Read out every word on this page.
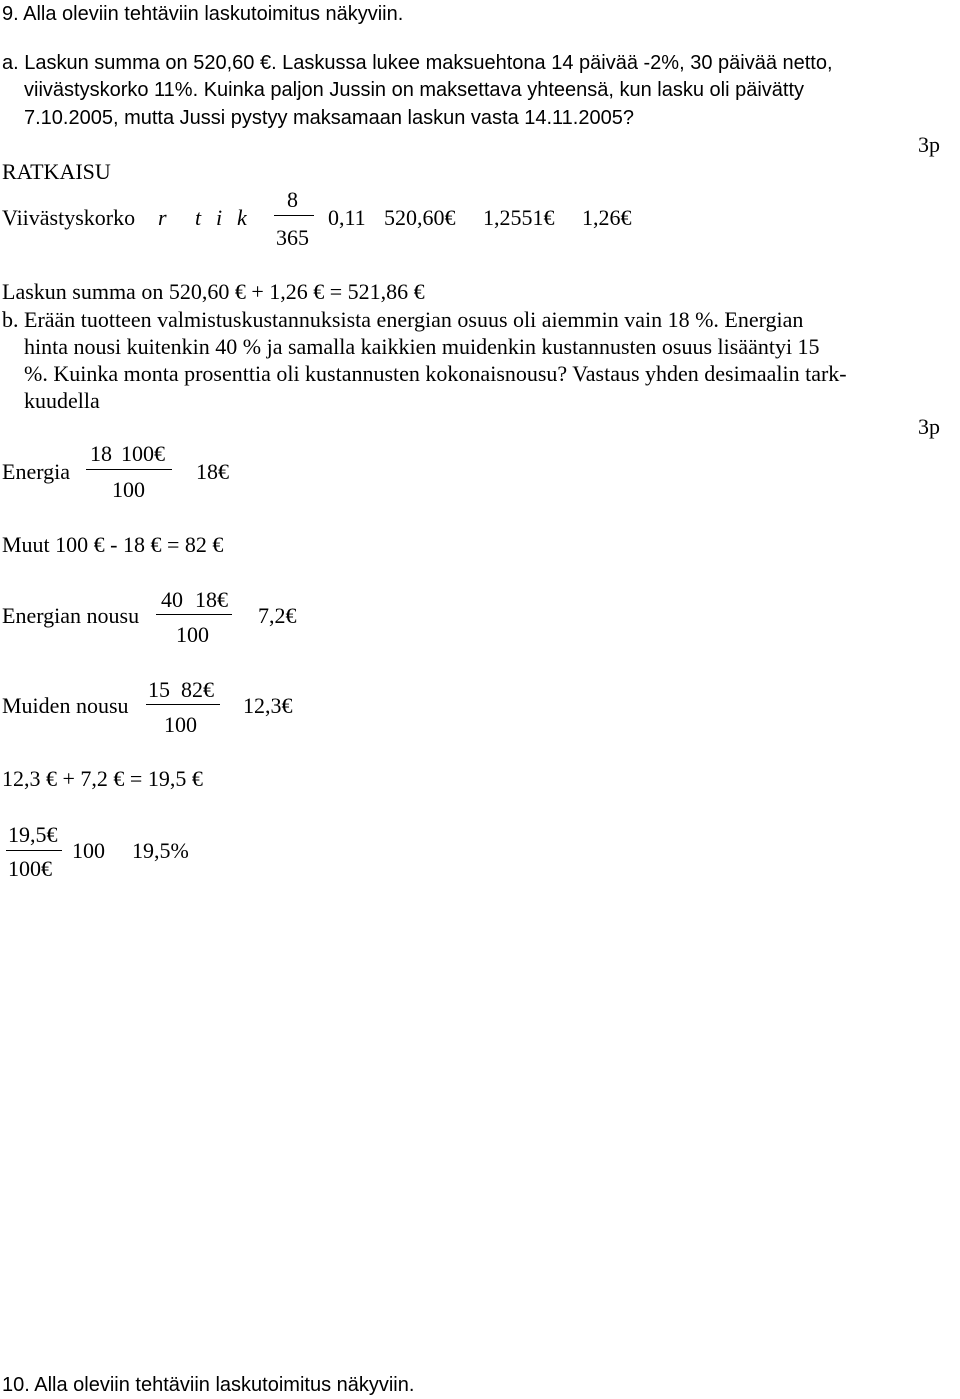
9. Alla oleviin tehtäviin laskutoimitus näkyviin.
a. Laskun summa on 520,60 €. Laskussa lukee maksuehtona 14 päivää -2%, 30 päivää netto,
viivästyskorko 11%. Kuinka paljon Jussin on maksettava yhteensä, kun lasku oli päivätty
7.10.2005, mutta Jussi pystyy maksamaan laskun vasta 14.11.2005?
3p
RATKAISU
Viivästyskorko r t i k
8
365
0,11 520,60€ 1,2551€ 1,26€
Laskun summa on 520,60 € + 1,26 € = 521,86 €
b. Erään tuotteen valmistuskustannuksista energian osuus oli aiemmin vain 18 %. Energian
hinta nousi kuitenkin 40 % ja samalla kaikkien muidenkin kustannusten osuus lisääntyi 15
%. Kuinka monta prosenttia oli kustannusten kokonaisnousu? Vastaus yhden desimaalin tark-
kuudella
3p
Energia
18 100€
100
18€
Muut 100 € - 18 € = 82 €
Energian nousu
40 18€
100
7,2€
Muiden nousu
15 82€
100
12,3€
12,3 € + 7,2 € = 19,5 €
19,5€
100€
100 19,5%
10. Alla oleviin tehtäviin laskutoimitus näkyviin.
